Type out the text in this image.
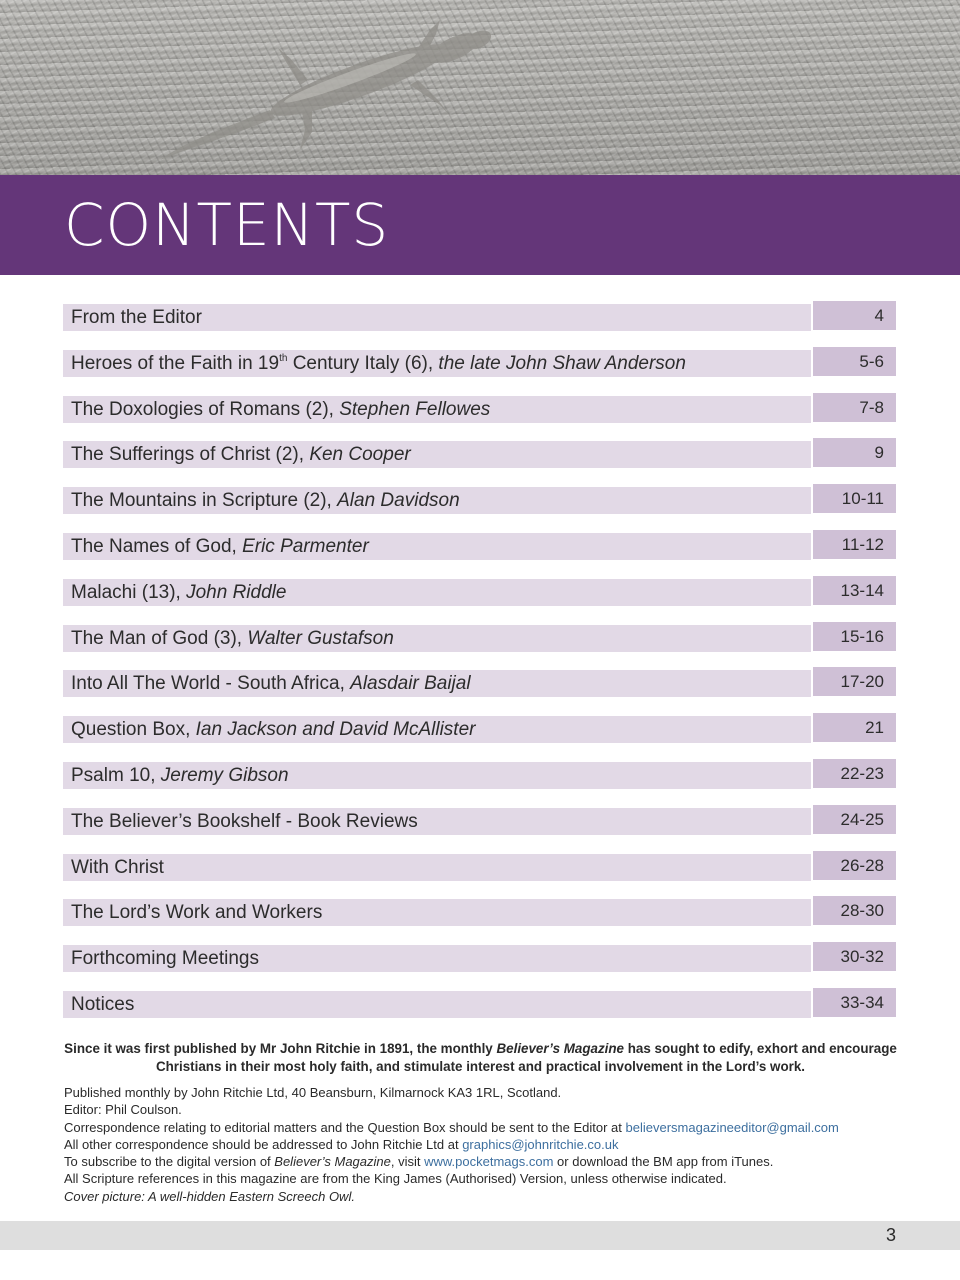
CONTENTS
From the Editor	4
Heroes of the Faith in 19th Century Italy (6), the late John Shaw Anderson	5-6
The Doxologies of Romans (2), Stephen Fellowes	7-8
The Sufferings of Christ (2), Ken Cooper	9
The Mountains in Scripture (2), Alan Davidson	10-11
The Names of God, Eric Parmenter	11-12
Malachi (13), John Riddle	13-14
The Man of God (3), Walter Gustafson	15-16
Into All The World - South Africa, Alasdair Baijal	17-20
Question Box, Ian Jackson and David McAllister	21
Psalm 10, Jeremy Gibson	22-23
The Believer’s Bookshelf - Book Reviews	24-25
With Christ	26-28
The Lord’s Work and Workers	28-30
Forthcoming Meetings	30-32
Notices	33-34
Since it was first published by Mr John Ritchie in 1891, the monthly Believer’s Magazine has sought to edify, exhort and encourage Christians in their most holy faith, and stimulate interest and practical involvement in the Lord’s work.
Published monthly by John Ritchie Ltd, 40 Beansburn, Kilmarnock KA3 1RL, Scotland.
Editor: Phil Coulson.
Correspondence relating to editorial matters and the Question Box should be sent to the Editor at believersmagazineeditor@gmail.com
All other correspondence should be addressed to John Ritchie Ltd at graphics@johnritchie.co.uk
To subscribe to the digital version of Believer’s Magazine, visit www.pocketmags.com or download the BM app from iTunes.
All Scripture references in this magazine are from the King James (Authorised) Version, unless otherwise indicated.
Cover picture: A well-hidden Eastern Screech Owl.
3
